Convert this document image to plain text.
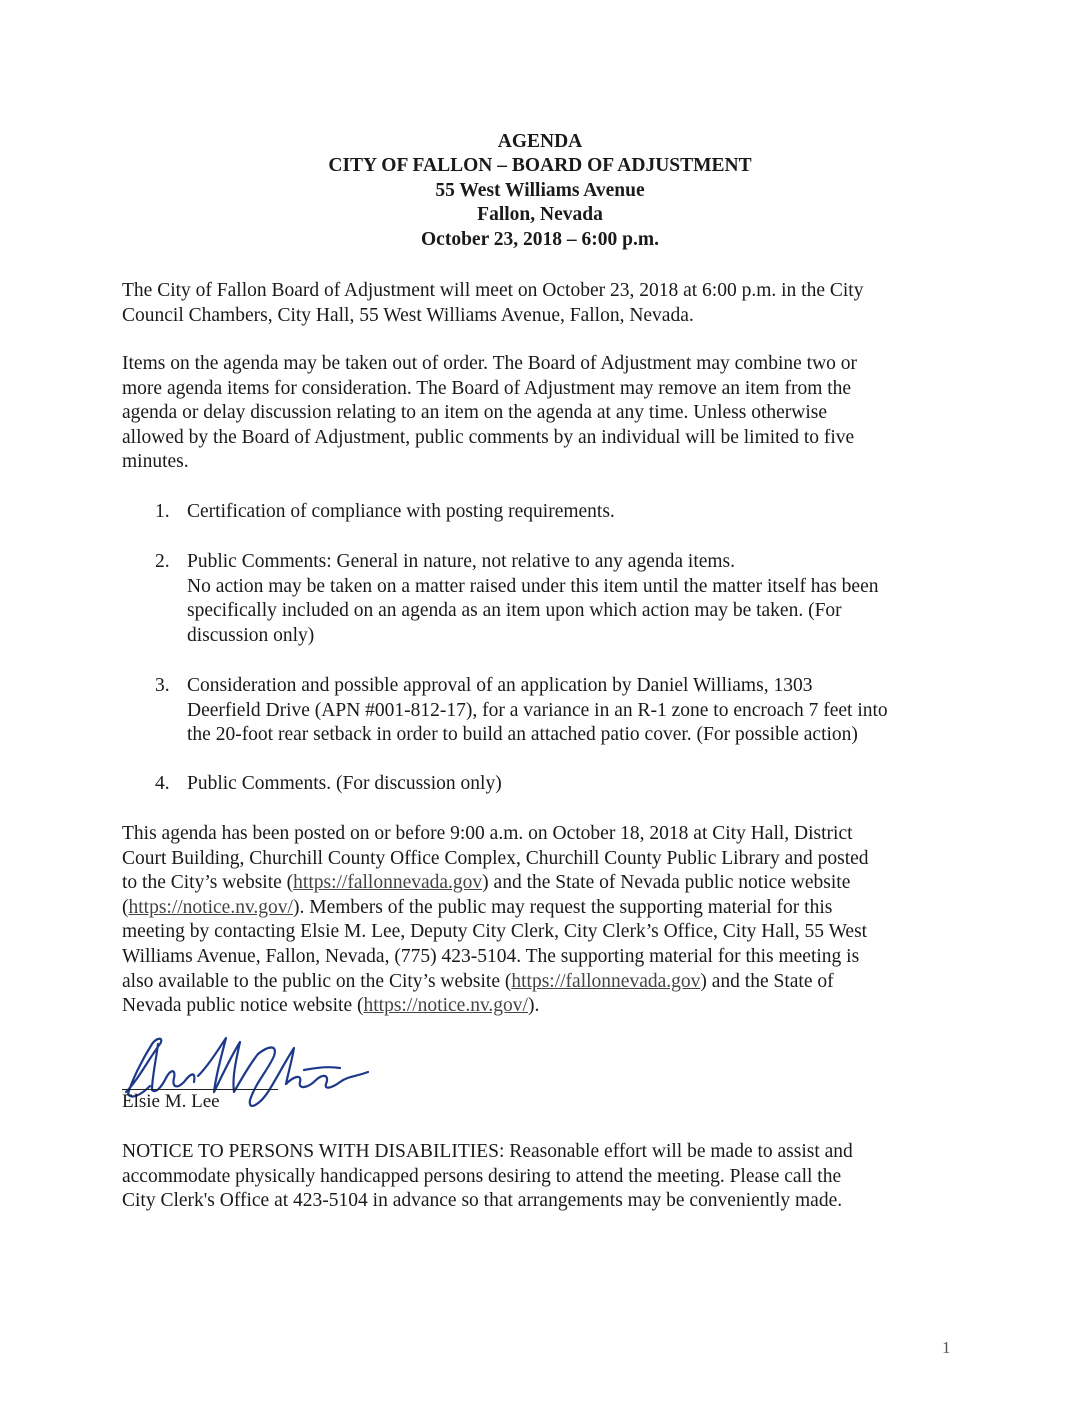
AGENDA
CITY OF FALLON – BOARD OF ADJUSTMENT
55 West Williams Avenue
Fallon, Nevada
October 23, 2018 – 6:00 p.m.
The City of Fallon Board of Adjustment will meet on October 23, 2018 at 6:00 p.m. in the City
Council Chambers, City Hall, 55 West Williams Avenue, Fallon, Nevada.
Items on the agenda may be taken out of order. The Board of Adjustment may combine two or
more agenda items for consideration. The Board of Adjustment may remove an item from the
agenda or delay discussion relating to an item on the agenda at any time. Unless otherwise
allowed by the Board of Adjustment, public comments by an individual will be limited to five
minutes.
1. Certification of compliance with posting requirements.
2. Public Comments: General in nature, not relative to any agenda items.
No action may be taken on a matter raised under this item until the matter itself has been
specifically included on an agenda as an item upon which action may be taken. (For
discussion only)
3. Consideration and possible approval of an application by Daniel Williams, 1303
Deerfield Drive (APN #001-812-17), for a variance in an R-1 zone to encroach 7 feet into
the 20-foot rear setback in order to build an attached patio cover. (For possible action)
4. Public Comments. (For discussion only)
This agenda has been posted on or before 9:00 a.m. on October 18, 2018 at City Hall, District
Court Building, Churchill County Office Complex, Churchill County Public Library and posted
to the City’s website (https://fallonnevada.gov) and the State of Nevada public notice website
(https://notice.nv.gov/). Members of the public may request the supporting material for this
meeting by contacting Elsie M. Lee, Deputy City Clerk, City Clerk’s Office, City Hall, 55 West
Williams Avenue, Fallon, Nevada, (775) 423-5104. The supporting material for this meeting is
also available to the public on the City’s website (https://fallonnevada.gov) and the State of
Nevada public notice website (https://notice.nv.gov/).
Elsie M. Lee
NOTICE TO PERSONS WITH DISABILITIES: Reasonable effort will be made to assist and
accommodate physically handicapped persons desiring to attend the meeting. Please call the
City Clerk's Office at 423-5104 in advance so that arrangements may be conveniently made.
1
